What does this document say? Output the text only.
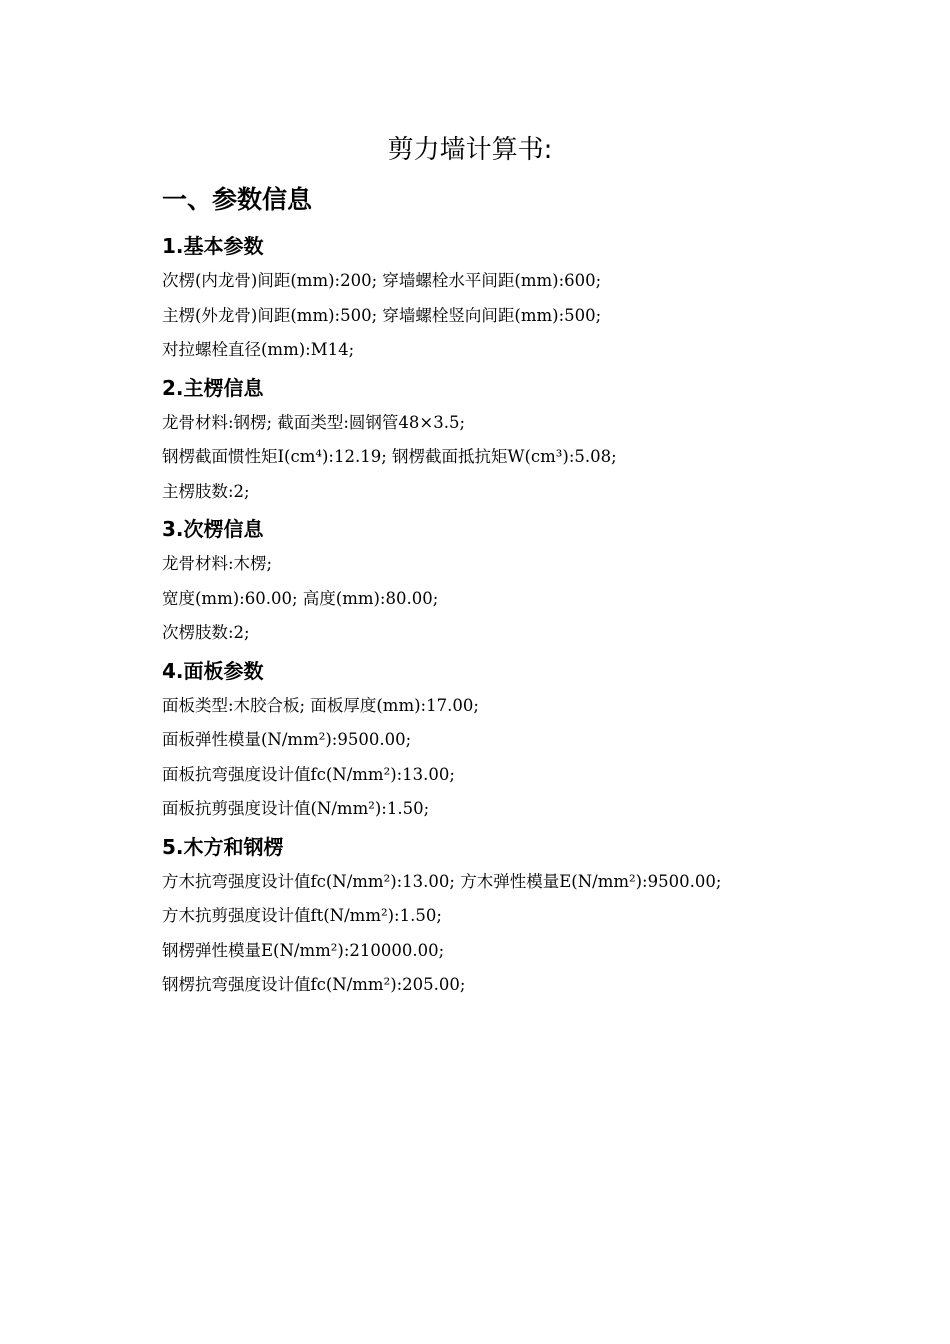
剪力墙计算书:
一、参数信息
1.基本参数
次楞(内龙骨)间距(mm):200; 穿墙螺栓水平间距(mm):600;
主楞(外龙骨)间距(mm):500; 穿墙螺栓竖向间距(mm):500;
对拉螺栓直径(mm):M14;
2.主楞信息
龙骨材料:钢楞; 截面类型:圆钢管48×3.5;
钢楞截面惯性矩I(cm⁴):12.19; 钢楞截面抵抗矩W(cm³):5.08;
主楞肢数:2;
3.次楞信息
龙骨材料:木楞;
宽度(mm):60.00; 高度(mm):80.00;
次楞肢数:2;
4.面板参数
面板类型:木胶合板; 面板厚度(mm):17.00;
面板弹性模量(N/mm²):9500.00;
面板抗弯强度设计值fc(N/mm²):13.00;
面板抗剪强度设计值(N/mm²):1.50;
5.木方和钢楞
方木抗弯强度设计值fc(N/mm²):13.00; 方木弹性模量E(N/mm²):9500.00;
方木抗剪强度设计值ft(N/mm²):1.50;
钢楞弹性模量E(N/mm²):210000.00;
钢楞抗弯强度设计值fc(N/mm²):205.00;
